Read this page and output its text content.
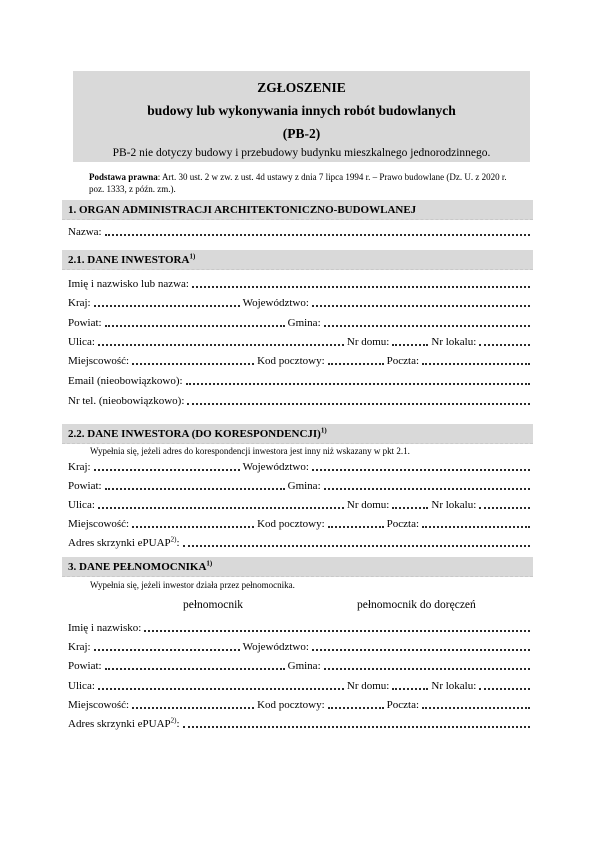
ZGŁOSZENIE
budowy lub wykonywania innych robót budowlanych
(PB-2)
PB-2 nie dotyczy budowy i przebudowy budynku mieszkalnego jednorodzinnego.
Podstawa prawna: Art. 30 ust. 2 w zw. z ust. 4d ustawy z dnia 7 lipca 1994 r. – Prawo budowlane (Dz. U. z 2020 r.
poz. 1333, z późn. zm.).
1. ORGAN ADMINISTRACJI ARCHITEKTONICZNO-BUDOWLANEJ
Nazwa:
2.1. DANE INWESTORA$^{1)}$
Imię i nazwisko lub nazwa:
Kraj:	Województwo:
Powiat:	Gmina:
Ulica:	Nr domu:	Nr lokalu:
Miejscowość:	Kod pocztowy:	Poczta:
Email (nieobowiązkowo):
Nr tel. (nieobowiązkowo):
2.2. DANE INWESTORA (DO KORESPONDENCJI)$^{1)}$
Wypełnia się, jeżeli adres do korespondencji inwestora jest inny niż wskazany w pkt 2.1.
Kraj:	Województwo:
Powiat:	Gmina:
Ulica:	Nr domu:	Nr lokalu:
Miejscowość:	Kod pocztowy:	Poczta:
Adres skrzynki ePUAP$^{2)}$:
3. DANE PEŁNOMOCNIKA$^{1)}$
Wypełnia się, jeżeli inwestor działa przez pełnomocnika.
pełnomocnik	pełnomocnik do doręczeń
Imię i nazwisko:
Kraj:	Województwo:
Powiat:	Gmina:
Ulica:	Nr domu:	Nr lokalu:
Miejscowość:	Kod pocztowy:	Poczta:
Adres skrzynki ePUAP$^{2)}$:
